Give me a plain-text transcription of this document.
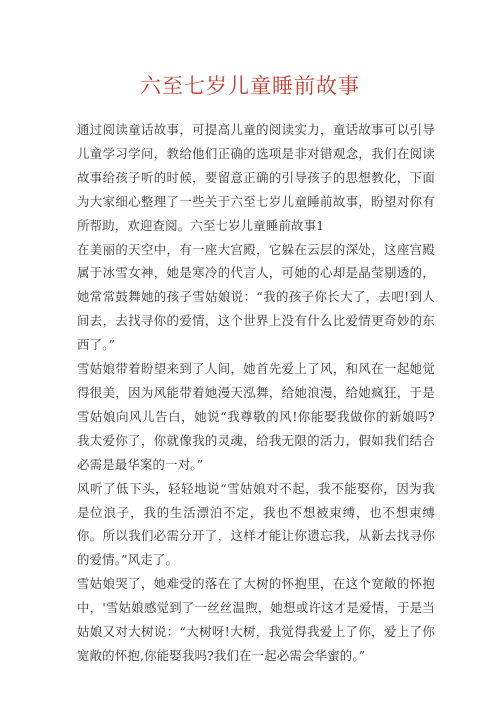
六至七岁儿童睡前故事

通过阅读童话故事，可提高儿童的阅读实力，童话故事可以引导儿童学习学问，教给他们正确的选项是非对错观念，我们在阅读故事给孩子听的时候，要留意正确的引导孩子的思想教化，下面为大家细心整理了一些关于六至七岁儿童睡前故事，盼望对你有所帮助，欢迎查阅。六至七岁儿童睡前故事1

在美丽的天空中，有一座大宫殿，它躲在云层的深处，这座宫殿属于冰雪女神，她是寒冷的代言人，可她的心却是晶莹剔透的，她常常鼓舞她的孩子雪姑娘说：“我的孩子你长大了，去吧!到人间去，去找寻你的爱情，这个世界上没有什么比爱情更奇妙的东西了。”

雪姑娘带着盼望来到了人间，她首先爱上了风，和风在一起她觉得很美，因为风能带着她漫天泓舞，给她浪漫，给她疯狂，于是雪姑娘向风儿告白，她说“我尊敬的风!你能娶我做你的新娘吗?我太爱你了，你就像我的灵魂，给我无限的活力，假如我们结合必需是最华案的一对。”

风听了低下头，轻轻地说“雪姑娘对不起，我不能娶你，因为我是位浪子，我的生活漂泊不定，我也不想被束缚，也不想束缚你。所以我们必需分开了，这样才能让你遗忘我，从新去找寻你的爱情。”风走了。

雪姑娘哭了，她难受的落在了大树的怀抱里，在这个宽敞的怀抱中，'雪姑娘感觉到了一丝丝温煦，她想或许这才是爱情，于是当姑娘又对大树说：“大树呀!大树，我觉得我爱上了你，爱上了你宽敞的怀抱,你能娶我吗?我们在一起必需会华蜜的。”
